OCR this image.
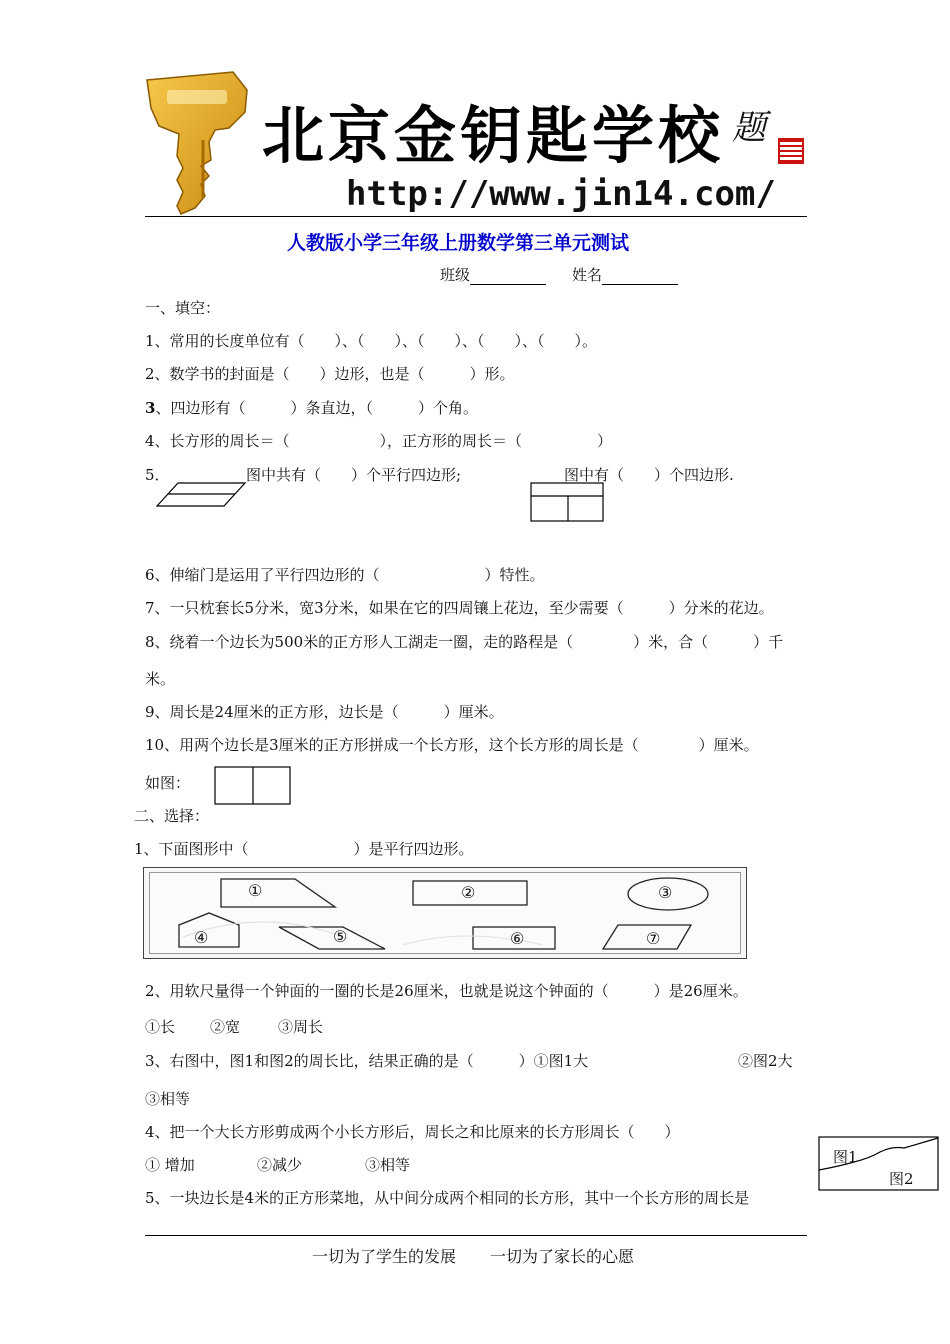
北京金钥匙学校 题
http://www.jin14.com/
人教版小学三年级上册数学第三单元测试
班级	姓名
一、填空：
1、常用的长度单位有（　　）、（　　）、（　　）、（　　）、（　　）。
2、数学书的封面是（　　）边形，也是（　　　）形。
3、四边形有（　　　）条直边，（　　　）个角。
4、长方形的周长＝（　　　　　　），正方形的周长＝（　　　　　）
5．	图中共有（　　）个平行四边形;	图中有（　　）个四边形.
6、伸缩门是运用了平行四边形的（　　　　　　　）特性。
7、一只枕套长5分米，宽3分米，如果在它的四周镶上花边，至少需要（　　　）分米的花边。
8、绕着一个边长为500米的正方形人工湖走一圈，走的路程是（　　　　）米，合（　　　）千
米。
9、周长是24厘米的正方形，边长是（　　　）厘米。
10、用两个边长是3厘米的正方形拼成一个长方形，这个长方形的周长是（　　　　）厘米。
如图：
二、选择：
1、下面图形中（　　　　　　　）是平行四边形。
①	②	③
④	⑤	⑥	⑦
2、用软尺量得一个钟面的一圈的长是26厘米，也就是说这个钟面的（　　　）是26厘米。
①长 ②宽	③周长
3、右图中，图1和图2的周长比，结果正确的是（　　　）①图1大	②图2大
③相等
4、把一个大长方形剪成两个小长方形后，周长之和比原来的长方形周长（　　）
① 增加	②减少	③相等
5、一块边长是4米的正方形菜地，从中间分成两个相同的长方形，其中一个长方形的周长是
图1
图2
一切为了学生的发展 一切为了家长的心愿
